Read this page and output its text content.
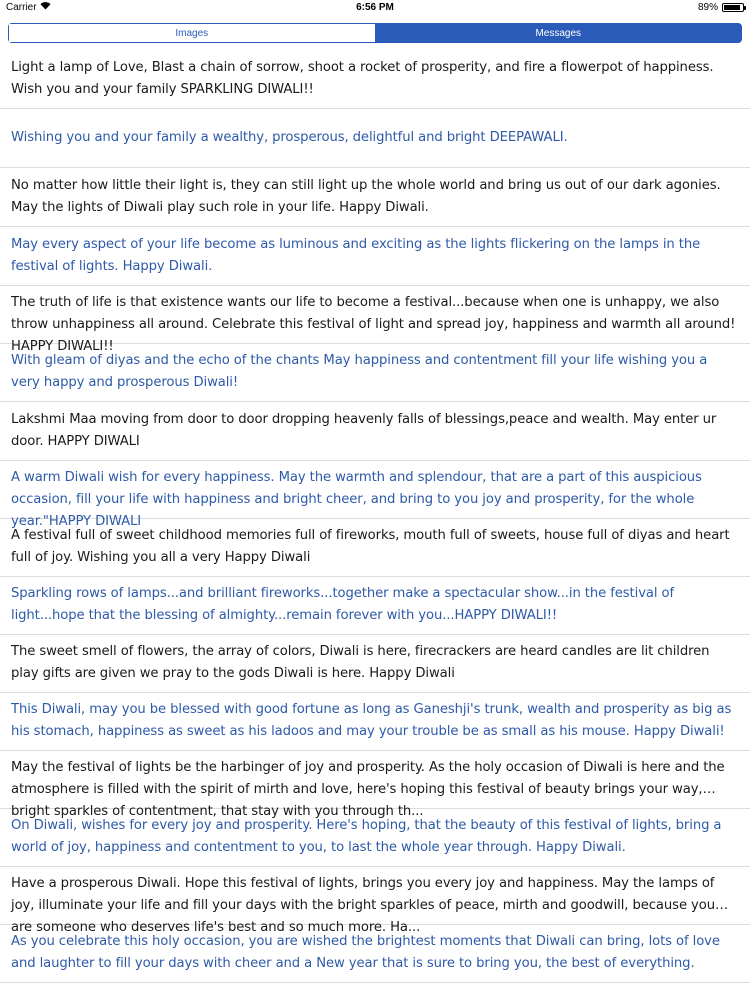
Carrier	6:56 PM	89%
Images	Messages
Light a lamp of Love, Blast a chain of sorrow, shoot a rocket of prosperity, and fire a flowerpot of happiness. Wish you and your family SPARKLING DIWALI!!
Wishing you and your family a wealthy, prosperous, delightful and bright DEEPAWALI.
No matter how little their light is, they can still light up the whole world and bring us out of our dark agonies. May the lights of Diwali play such role in your life. Happy Diwali.
May every aspect of your life become as luminous and exciting as the lights flickering on the lamps in the festival of lights. Happy Diwali.
The truth of life is that existence wants our life to become a festival...because when one is unhappy, we also throw unhappiness all around. Celebrate this festival of light and spread joy, happiness and warmth all around! HAPPY DIWALI!!
With gleam of diyas and the echo of the chants May happiness and contentment fill your life wishing you a very happy and prosperous Diwali!
Lakshmi Maa moving from door to door dropping heavenly falls of blessings,peace and wealth. May enter ur door. HAPPY DIWALI
A warm Diwali wish for every happiness. May the warmth and splendour, that are a part of this auspicious occasion, fill your life with happiness and bright cheer, and bring to you joy and prosperity, for the whole year."HAPPY DIWALI
A festival full of sweet childhood memories full of fireworks, mouth full of sweets, house full of diyas and heart full of joy. Wishing you all a very Happy Diwali
Sparkling rows of lamps...and brilliant fireworks...together make a spectacular show...in the festival of light...hope that the blessing of almighty...remain forever with you...HAPPY DIWALI!!
The sweet smell of flowers, the array of colors, Diwali is here, firecrackers are heard candles are lit children play gifts are given we pray to the gods Diwali is here. Happy Diwali
This Diwali, may you be blessed with good fortune as long as Ganeshji's trunk, wealth and prosperity as big as his stomach, happiness as sweet as his ladoos and may your trouble be as small as his mouse. Happy Diwali!
May the festival of lights be the harbinger of joy and prosperity. As the holy occasion of Diwali is here and the atmosphere is filled with the spirit of mirth and love, here's hoping this festival of beauty brings your way, bright sparkles of contentment, that stay with you through th...
On Diwali, wishes for every joy and prosperity. Here's hoping, that the beauty of this festival of lights, bring a world of joy, happiness and contentment to you, to last the whole year through. Happy Diwali.
Have a prosperous Diwali. Hope this festival of lights, brings you every joy and happiness. May the lamps of joy, illuminate your life and fill your days with the bright sparkles of peace, mirth and goodwill, because you are someone who deserves life's best and so much more. Ha...
As you celebrate this holy occasion, you are wished the brightest moments that Diwali can bring, lots of love and laughter to fill your days with cheer and a New year that is sure to bring you, the best of everything.
